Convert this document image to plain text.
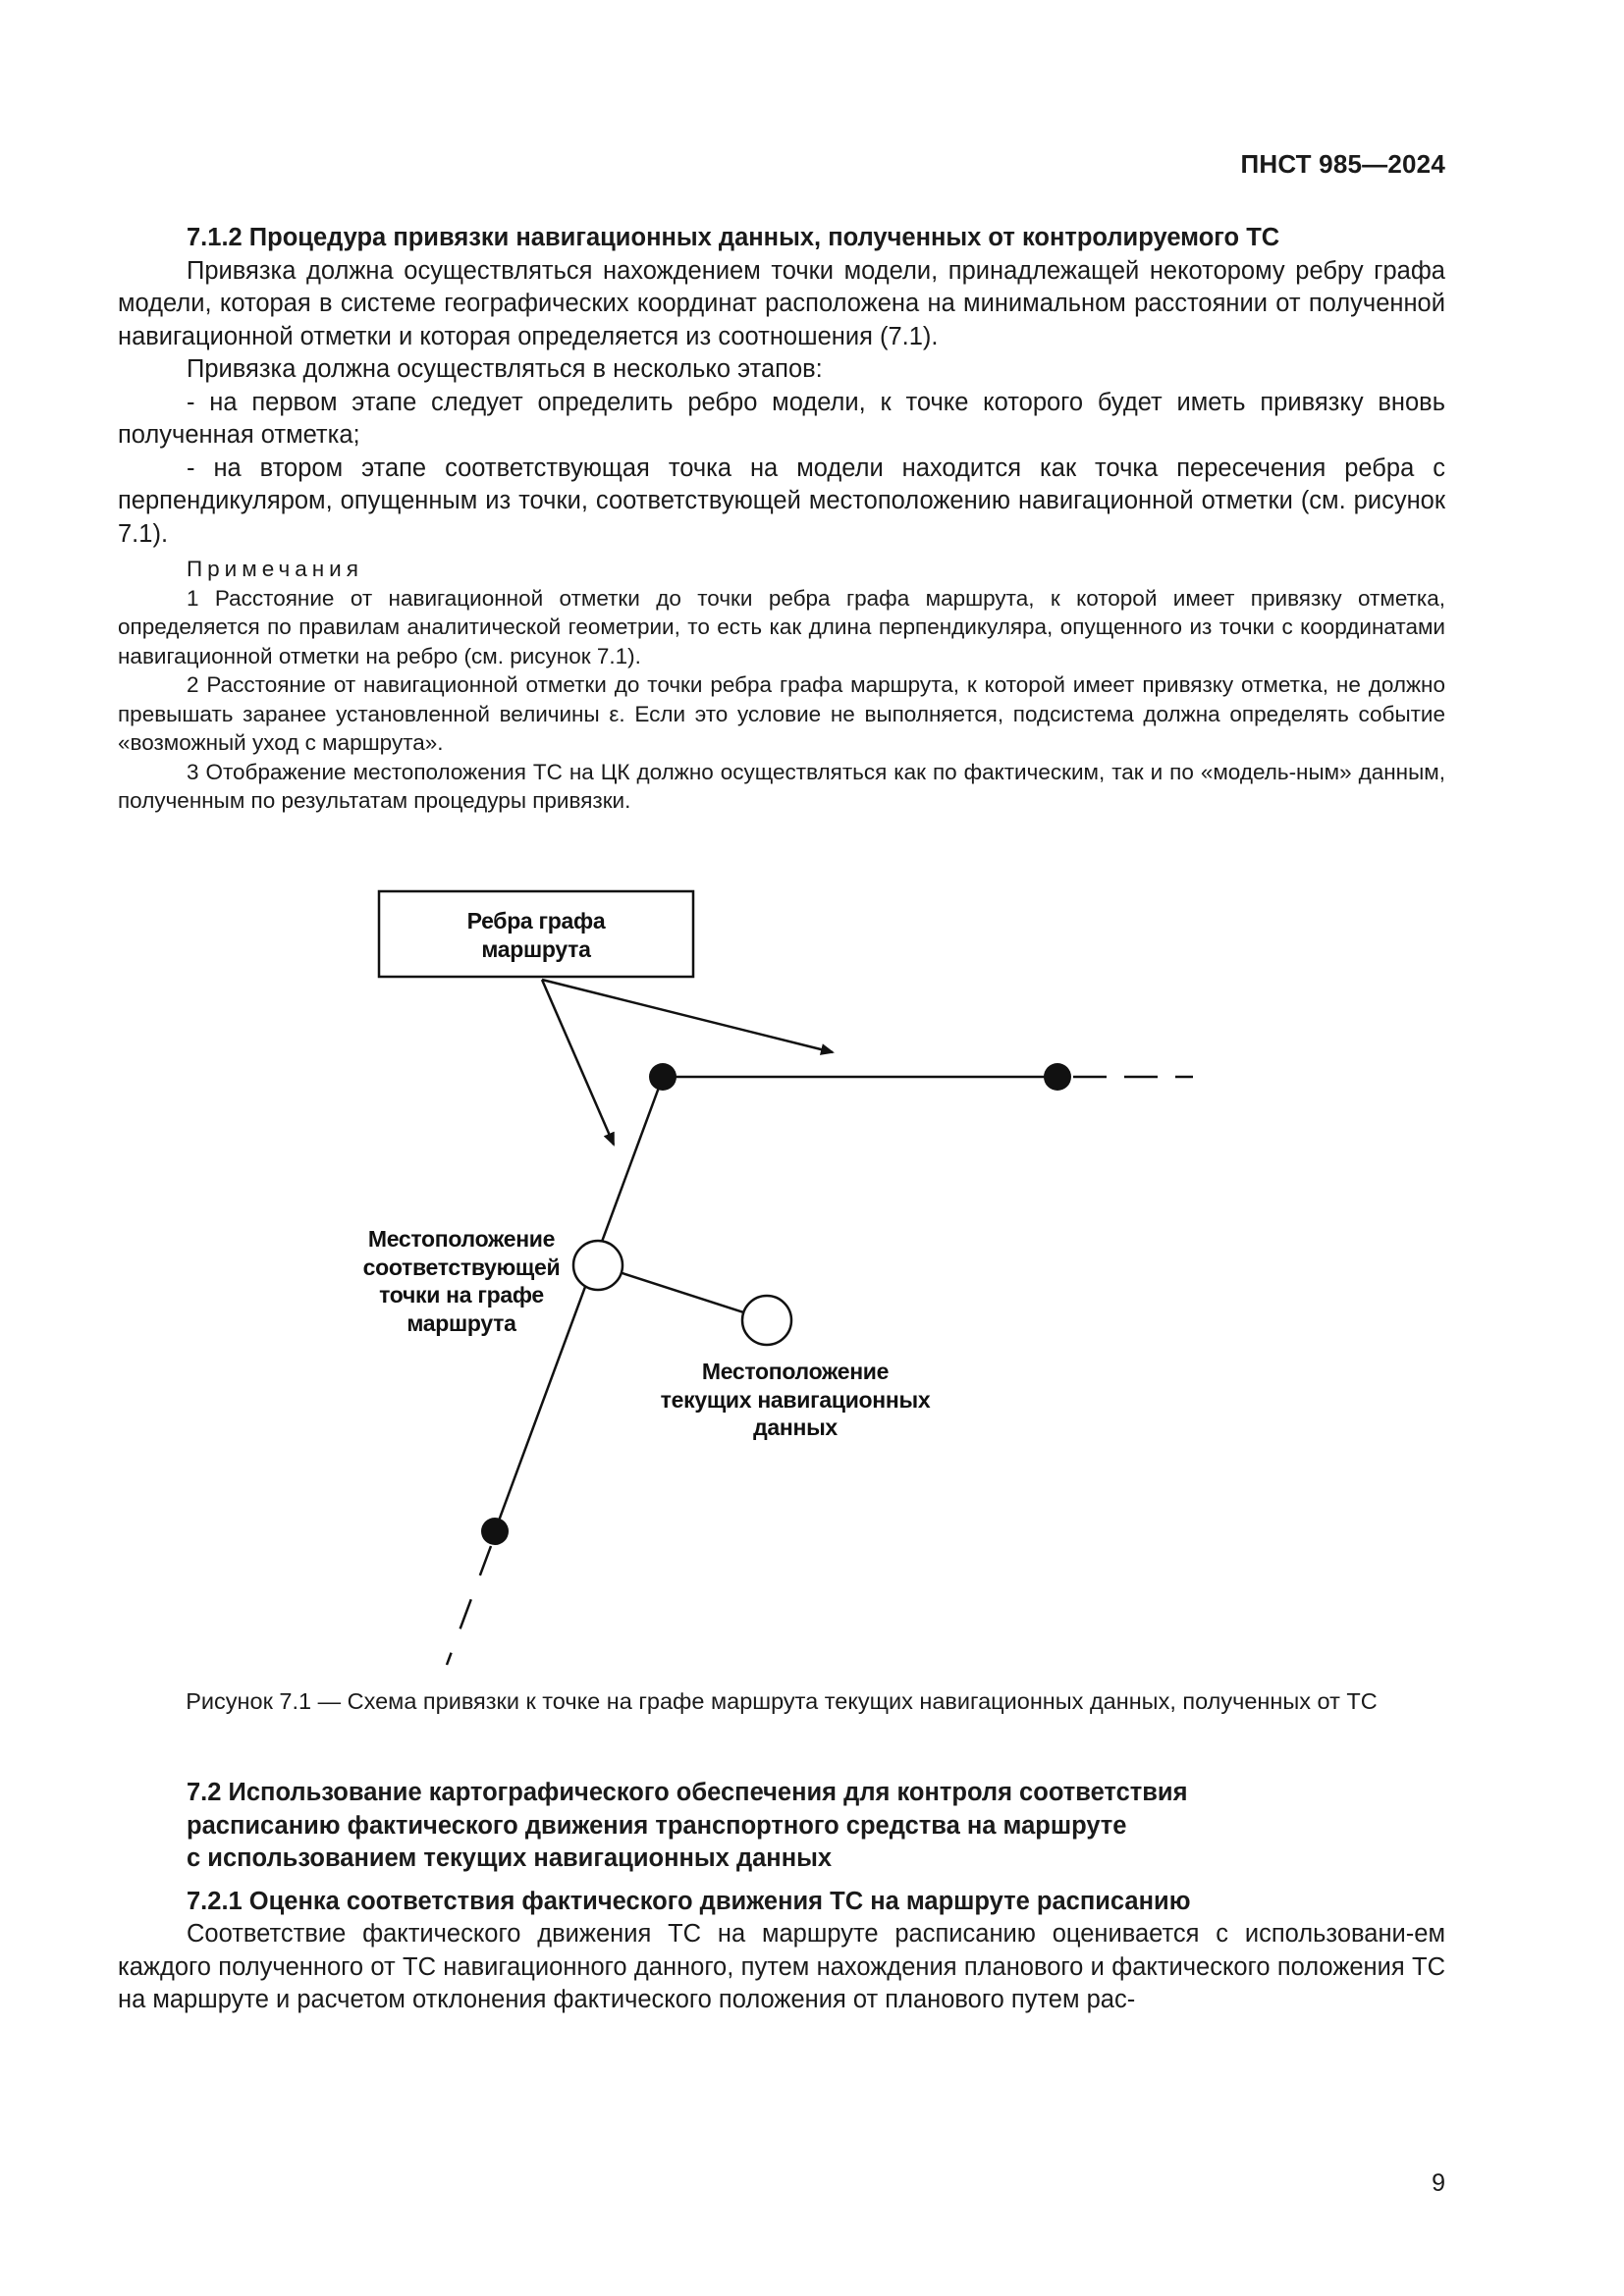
ПНСТ 985—2024

7.1.2 Процедура привязки навигационных данных, полученных от контролируемого ТС

Привязка должна осуществляться нахождением точки модели, принадлежащей некоторому ребру графа модели, которая в системе географических координат расположена на минимальном расстоянии от полученной навигационной отметки и которая определяется из соотношения (7.1).

Привязка должна осуществляться в несколько этапов:

- на первом этапе следует определить ребро модели, к точке которого будет иметь привязку вновь полученная отметка;

- на втором этапе соответствующая точка на модели находится как точка пересечения ребра с перпендикуляром, опущенным из точки, соответствующей местоположению навигационной отметки (см. рисунок 7.1).

Примечания

1 Расстояние от навигационной отметки до точки ребра графа маршрута, к которой имеет привязку отметка, определяется по правилам аналитической геометрии, то есть как длина перпендикуляра, опущенного из точки с координатами навигационной отметки на ребро (см. рисунок 7.1).

2 Расстояние от навигационной отметки до точки ребра графа маршрута, к которой имеет привязку отметка, не должно превышать заранее установленной величины ε. Если это условие не выполняется, подсистема должна определять событие «возможный уход с маршрута».

3 Отображение местоположения ТС на ЦК должно осуществляться как по фактическим, так и по «модель-ным» данным, полученным по результатам процедуры привязки.

Ребра графа
маршрута
Местоположение
соответствующей
точки на графе
маршрута
Местоположение
текущих навигационных
данных
Рисунок 7.1 — Схема привязки к точке на графе маршрута текущих навигационных данных, полученных от ТС
7.2 Использование картографического обеспечения для контроля соответствия
расписанию фактического движения транспортного средства на маршруте
с использованием текущих навигационных данных

7.2.1 Оценка соответствия фактического движения ТС на маршруте расписанию

Соответствие фактического движения ТС на маршруте расписанию оценивается с использовани-ем каждого полученного от ТС навигационного данного, путем нахождения планового и фактического положения ТС на маршруте и расчетом отклонения фактического положения от планового путем рас-

9
